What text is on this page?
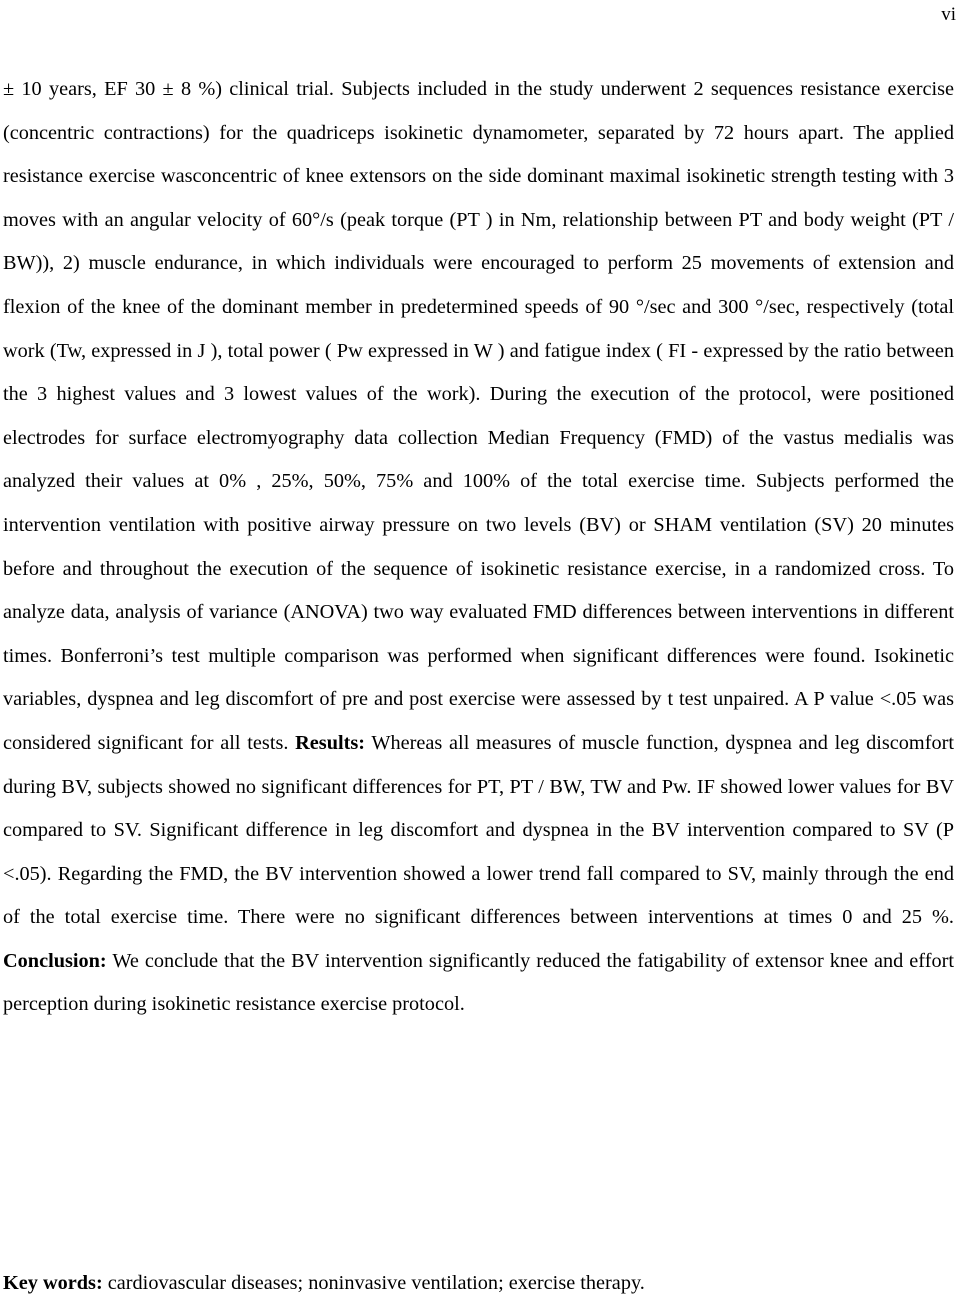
vi

± 10 years, EF 30 ± 8 %) clinical trial. Subjects included in the study underwent 2 sequences resistance exercise (concentric contractions) for the quadriceps isokinetic dynamometer, separated by 72 hours apart. The applied resistance exercise wasconcentric of knee extensors on the side dominant maximal isokinetic strength testing with 3 moves with an angular velocity of 60°/s (peak torque (PT ) in Nm, relationship between PT and body weight (PT / BW)), 2) muscle endurance, in which individuals were encouraged to perform 25 movements of extension and flexion of the knee of the dominant member in predetermined speeds of 90 °/sec and 300 °/sec, respectively (total work (Tw, expressed in J ), total power ( Pw expressed in W ) and fatigue index ( FI - expressed by the ratio between the 3 highest values and 3 lowest values of the work). During the execution of the protocol, were positioned electrodes for surface electromyography data collection Median Frequency (FMD) of the vastus medialis was analyzed their values at 0% , 25%, 50%, 75% and 100% of the total exercise time. Subjects performed the intervention ventilation with positive airway pressure on two levels (BV) or SHAM ventilation (SV) 20 minutes before and throughout the execution of the sequence of isokinetic resistance exercise, in a randomized cross. To analyze data, analysis of variance (ANOVA) two way evaluated FMD differences between interventions in different times. Bonferroni’s test multiple comparison was performed when significant differences were found. Isokinetic variables, dyspnea and leg discomfort of pre and post exercise were assessed by t test unpaired. A P value <.05 was considered significant for all tests. Results: Whereas all measures of muscle function, dyspnea and leg discomfort during BV, subjects showed no significant differences for PT, PT / BW, TW and Pw. IF showed lower values for BV compared to SV. Significant difference in leg discomfort and dyspnea in the BV intervention compared to SV (P <.05). Regarding the FMD, the BV intervention showed a lower trend fall compared to SV, mainly through the end of the total exercise time. There were no significant differences between interventions at times 0 and 25 %. Conclusion: We conclude that the BV intervention significantly reduced the fatigability of extensor knee and effort perception during isokinetic resistance exercise protocol.

Key words: cardiovascular diseases; noninvasive ventilation; exercise therapy.
